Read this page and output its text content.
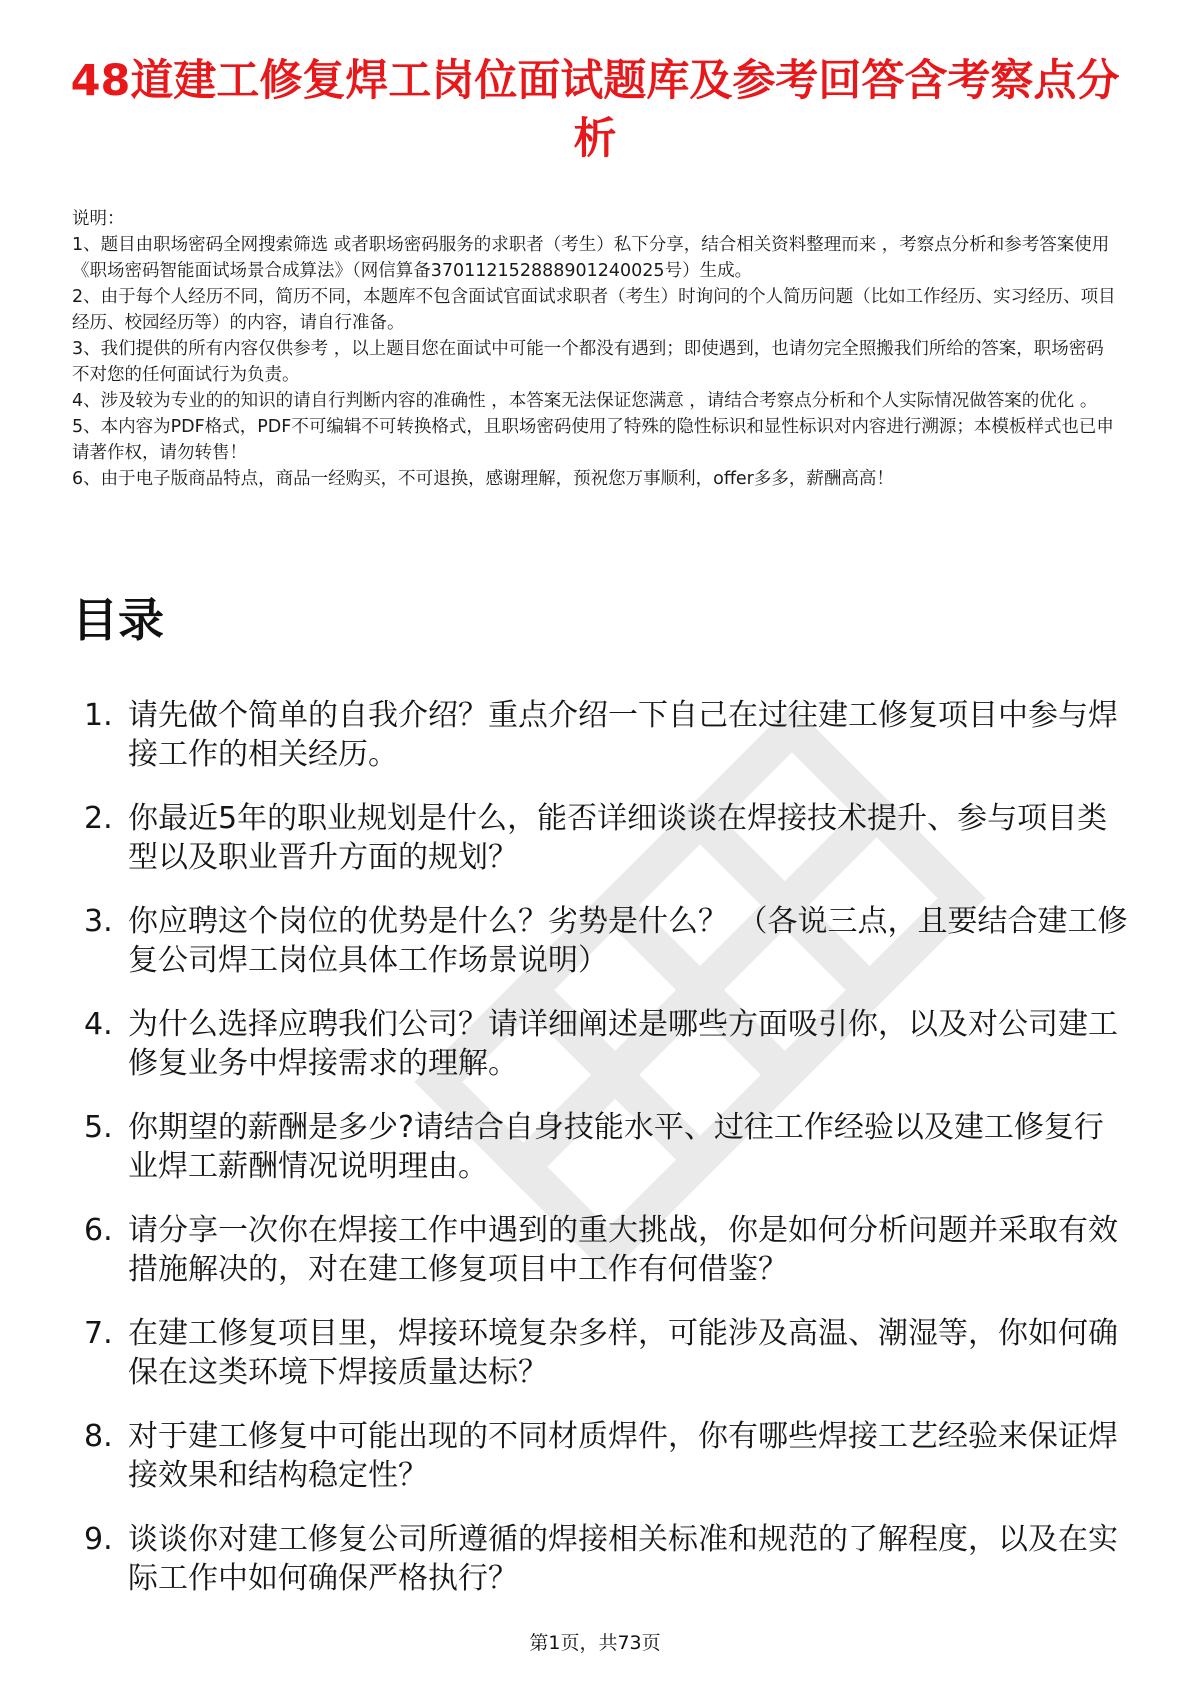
48道建工修复焊工岗位面试题库及参考回答含考察点分析

说明：

1、题目由职场密码全网搜索筛选 或者职场密码服务的求职者（考生）私下分享，结合相关资料整理而来 ，考察点分析和参考答案使用《职场密码智能面试场景合成算法》（网信算备370112152888901240025号）生成。

2、由于每个人经历不同，简历不同，本题库不包含面试官面试求职者（考生）时询问的个人简历问题（比如工作经历、实习经历、项目经历、校园经历等）的内容，请自行准备。

3、我们提供的所有内容仅供参考 ，以上题目您在面试中可能一个都没有遇到；即使遇到，也请勿完全照搬我们所给的答案，职场密码不对您的任何面试行为负责。

4、涉及较为专业的的知识的请自行判断内容的准确性 ，本答案无法保证您满意 ，请结合考察点分析和个人实际情况做答案的优化 。

5、本内容为PDF格式，PDF不可编辑不可转换格式，且职场密码使用了特殊的隐性标识和显性标识对内容进行溯源；本模板样式也已申请著作权，请勿转售！

6、由于电子版商品特点，商品一经购买，不可退换，感谢理解，预祝您万事顺利，offer多多，薪酬高高！

目录
1. 请先做个简单的自我介绍？重点介绍一下自己在过往建工修复项目中参与焊接工作的相关经历。
2. 你最近5年的职业规划是什么，能否详细谈谈在焊接技术提升、参与项目类型以及职业晋升方面的规划？
3. 你应聘这个岗位的优势是什么？劣势是什么？ （各说三点，且要结合建工修复公司焊工岗位具体工作场景说明）
4. 为什么选择应聘我们公司？请详细阐述是哪些方面吸引你，以及对公司建工修复业务中焊接需求的理解。
5. 你期望的薪酬是多少?请结合自身技能水平、过往工作经验以及建工修复行业焊工薪酬情况说明理由。
6. 请分享一次你在焊接工作中遇到的重大挑战，你是如何分析问题并采取有效措施解决的，对在建工修复项目中工作有何借鉴？
7. 在建工修复项目里，焊接环境复杂多样，可能涉及高温、潮湿等，你如何确保在这类环境下焊接质量达标？
8. 对于建工修复中可能出现的不同材质焊件，你有哪些焊接工艺经验来保证焊接效果和结构稳定性？
9. 谈谈你对建工修复公司所遵循的焊接相关标准和规范的了解程度，以及在实际工作中如何确保严格执行？
第1页，共73页
